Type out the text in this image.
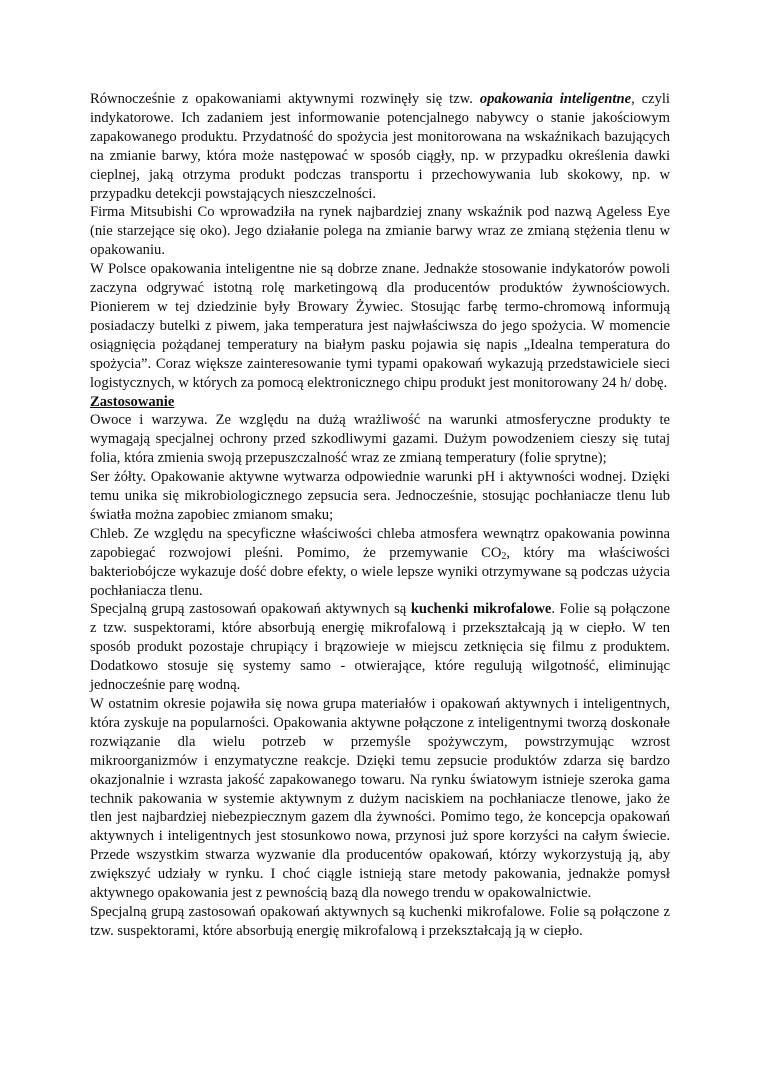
Równocześnie z opakowaniami aktywnymi rozwinęły się tzw. opakowania inteligentne, czyli indykatorowe. Ich zadaniem jest informowanie potencjalnego nabywcy o stanie jakościowym zapakowanego produktu. Przydatność do spożycia jest monitorowana na wskaźnikach bazujących na zmianie barwy, która może następować w sposób ciągły, np. w przypadku określenia dawki cieplnej, jaką otrzyma produkt podczas transportu i przechowywania lub skokowy, np. w przypadku detekcji powstających nieszczelności.

Firma Mitsubishi Co wprowadziła na rynek najbardziej znany wskaźnik pod nazwą Ageless Eye (nie starzejące się oko). Jego działanie polega na zmianie barwy wraz ze zmianą stężenia tlenu w opakowaniu.

W Polsce opakowania inteligentne nie są dobrze znane. Jednakże stosowanie indykatorów powoli zaczyna odgrywać istotną rolę marketingową dla producentów produktów żywnościowych. Pionierem w tej dziedzinie były Browary Żywiec. Stosując farbę termo-chromową informują posiadaczy butelki z piwem, jaka temperatura jest najwłaściwsza do jego spożycia. W momencie osiągnięcia pożądanej temperatury na białym pasku pojawia się napis „Idealna temperatura do spożycia”. Coraz większe zainteresowanie tymi typami opakowań wykazują przedstawiciele sieci logistycznych, w których za pomocą elektronicznego chipu produkt jest monitorowany 24 h/ dobę.

Zastosowanie

Owoce i warzywa. Ze względu na dużą wrażliwość na warunki atmosferyczne produkty te wymagają specjalnej ochrony przed szkodliwymi gazami. Dużym powodzeniem cieszy się tutaj folia, która zmienia swoją przepuszczalność wraz ze zmianą temperatury (folie sprytne);

Ser żółty. Opakowanie aktywne wytwarza odpowiednie warunki pH i aktywności wodnej. Dzięki temu unika się mikrobiologicznego zepsucia sera. Jednocześnie, stosując pochłaniacze tlenu lub światła można zapobiec zmianom smaku;

Chleb. Ze względu na specyficzne właściwości chleba atmosfera wewnątrz opakowania powinna zapobiegać rozwojowi pleśni. Pomimo, że przemywanie $CO_2$, który ma właściwości bakteriobójcze wykazuje dość dobre efekty, o wiele lepsze wyniki otrzymywane są podczas użycia pochłaniacza tlenu.

Specjalną grupą zastosowań opakowań aktywnych są kuchenki mikrofalowe. Folie są połączone z tzw. suspektorami, które absorbują energię mikrofalową i przekształcają ją w ciepło. W ten sposób produkt pozostaje chrupiący i brązowieje w miejscu zetknięcia się filmu z produktem. Dodatkowo stosuje się systemy samo - otwierające, które regulują wilgotność, eliminując jednocześnie parę wodną.

W ostatnim okresie pojawiła się nowa grupa materiałów i opakowań aktywnych i inteligentnych, która zyskuje na popularności. Opakowania aktywne połączone z inteligentnymi tworzą doskonałe rozwiązanie dla wielu potrzeb w przemyśle spożywczym, powstrzymując wzrost mikroorganizmów i enzymatyczne reakcje. Dzięki temu zepsucie produktów zdarza się bardzo okazjonalnie i wzrasta jakość zapakowanego towaru. Na rynku światowym istnieje szeroka gama technik pakowania w systemie aktywnym z dużym naciskiem na pochłaniacze tlenowe, jako że tlen jest najbardziej niebezpiecznym gazem dla żywności. Pomimo tego, że koncepcja opakowań aktywnych i inteligentnych jest stosunkowo nowa, przynosi już spore korzyści na całym świecie. Przede wszystkim stwarza wyzwanie dla producentów opakowań, którzy wykorzystują ją, aby zwiększyć udziały w rynku. I choć ciągle istnieją stare metody pakowania, jednakże pomysł aktywnego opakowania jest z pewnością bazą dla nowego trendu w opakowalnictwie.

Specjalną grupą zastosowań opakowań aktywnych są kuchenki mikrofalowe. Folie są połączone z tzw. suspektorami, które absorbują energię mikrofalową i przekształcają ją w ciepło.
